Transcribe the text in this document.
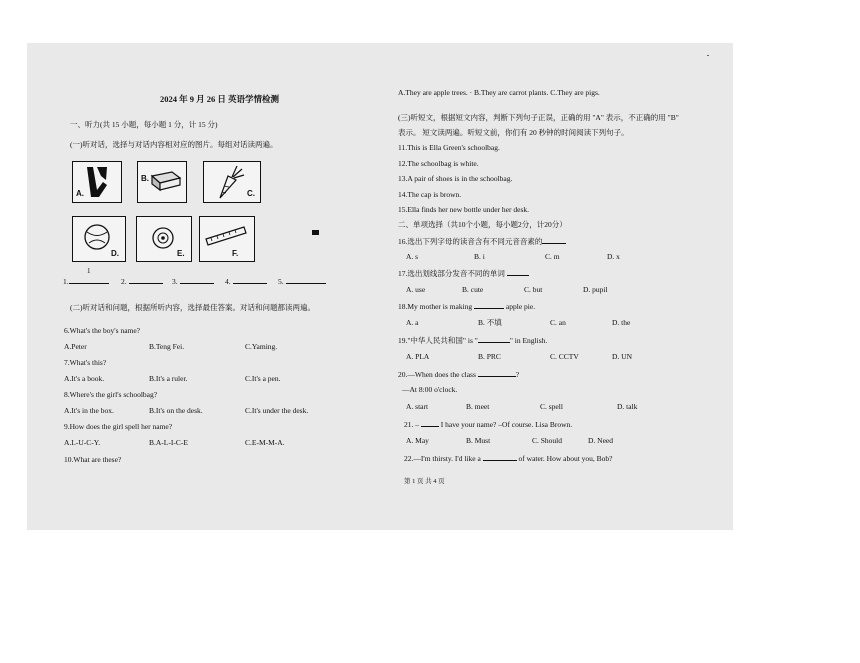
2024 年 9 月 26 日 英语学情检测
一、听力(共 15 小题，每小题 1 分，计 15 分)
(一)听对话，选择与对话内容相对应的图片。每组对话读两遍。
A.
B.
C.
D.	E.	F.
1.
1
2.	3.	4.	5.
(二)听对话和问题，根据所听内容，选择最佳答案。对话和问题都读两遍。
6.What's the boy's name?
A.Peter	B.Teng Fei.	C.Yaming.
7.What's this?
A.It's a book.	B.It's a ruler.	C.It's a pen.
8.Where's the girl's schoolbag?
A.It's in the box.	B.It's on the desk.	C.It's under the desk.
9.How does the girl spell her name?
A.L-U-C-Y.	B.A-L-I-C-E	C.E-M-M-A.
10.What are these?
A.They are apple trees. · B.They are carrot plants. C.They are pigs.
(三)听短文，根据短文内容，判断下列句子正误，正确的用 "A" 表示，不正确的用 "B"
表示。 短文读两遍。听短文前，你们有 20 秒钟的时间阅读下列句子。
11.This is Ella Green's schoolbag.
12.The schoolbag is white.
13.A pair of shoes is in the schoolbag.
14.The cap is brown.
15.Ella finds her new bottle under her desk.
二、单项选择（共10个小题，每小题2分，计20分）
16.选出下列字母的读音含有不同元音音素的
A. s	B. i	C. m	D. x
17.选出划线部分发音不同的单词
A. use	B. cute	C. but	D. pupil
18.My mother is making	apple pie.
A. a	B. 不填	C. an	D. the
19."中华人民共和国" is "	" in English.
A. PLA	B. PRC	C. CCTV	D. UN
20.—When does the class	?
—At 8:00 o'clock.
A. start	B. meet	C. spell	D. talk
21. –	I have your name? –Of course. Lisa Brown.
A. May	B. Must	C. Should	D. Need
22.—I'm thirsty. I'd like a	of water. How about you, Bob?
第 1 页 共 4 页
